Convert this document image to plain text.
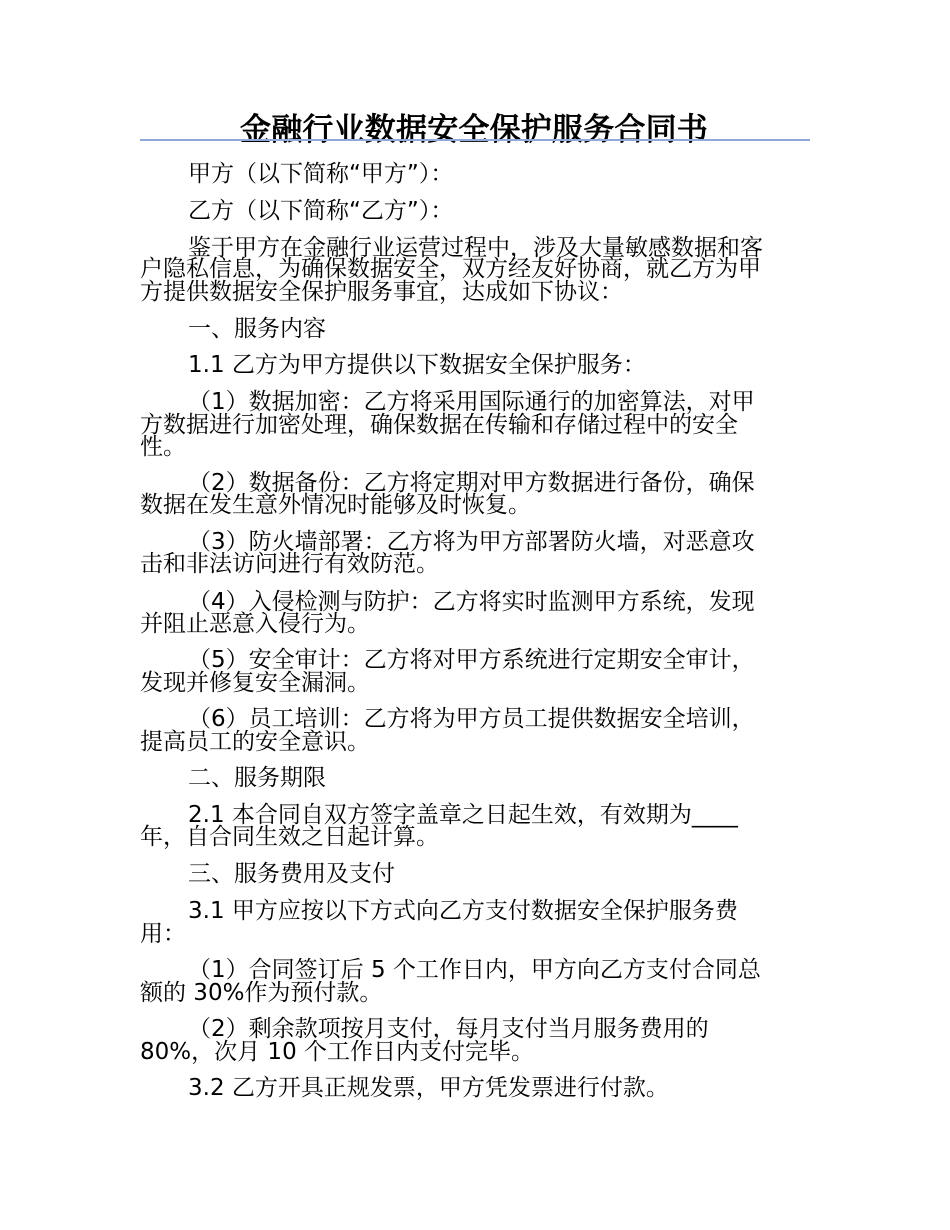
金融行业数据安全保护服务合同书
甲方（以下简称“甲方”）：
乙方（以下简称“乙方”）：
鉴于甲方在金融行业运营过程中，涉及大量敏感数据和客
户隐私信息，为确保数据安全，双方经友好协商，就乙方为甲
方提供数据安全保护服务事宜，达成如下协议：
一、服务内容
1.1 乙方为甲方提供以下数据安全保护服务：
（1）数据加密：乙方将采用国际通行的加密算法，对甲
方数据进行加密处理，确保数据在传输和存储过程中的安全
性。
（2）数据备份：乙方将定期对甲方数据进行备份，确保
数据在发生意外情况时能够及时恢复。
（3）防火墙部署：乙方将为甲方部署防火墙，对恶意攻
击和非法访问进行有效防范。
（4）入侵检测与防护：乙方将实时监测甲方系统，发现
并阻止恶意入侵行为。
（5）安全审计：乙方将对甲方系统进行定期安全审计，
发现并修复安全漏洞。
（6）员工培训：乙方将为甲方员工提供数据安全培训，
提高员工的安全意识。
二、服务期限
2.1 本合同自双方签字盖章之日起生效，有效期为____
年，自合同生效之日起计算。
三、服务费用及支付
3.1 甲方应按以下方式向乙方支付数据安全保护服务费
用：
（1）合同签订后 5 个工作日内，甲方向乙方支付合同总
额的 30%作为预付款。
（2）剩余款项按月支付，每月支付当月服务费用的
80%，次月 10 个工作日内支付完毕。
3.2 乙方开具正规发票，甲方凭发票进行付款。
